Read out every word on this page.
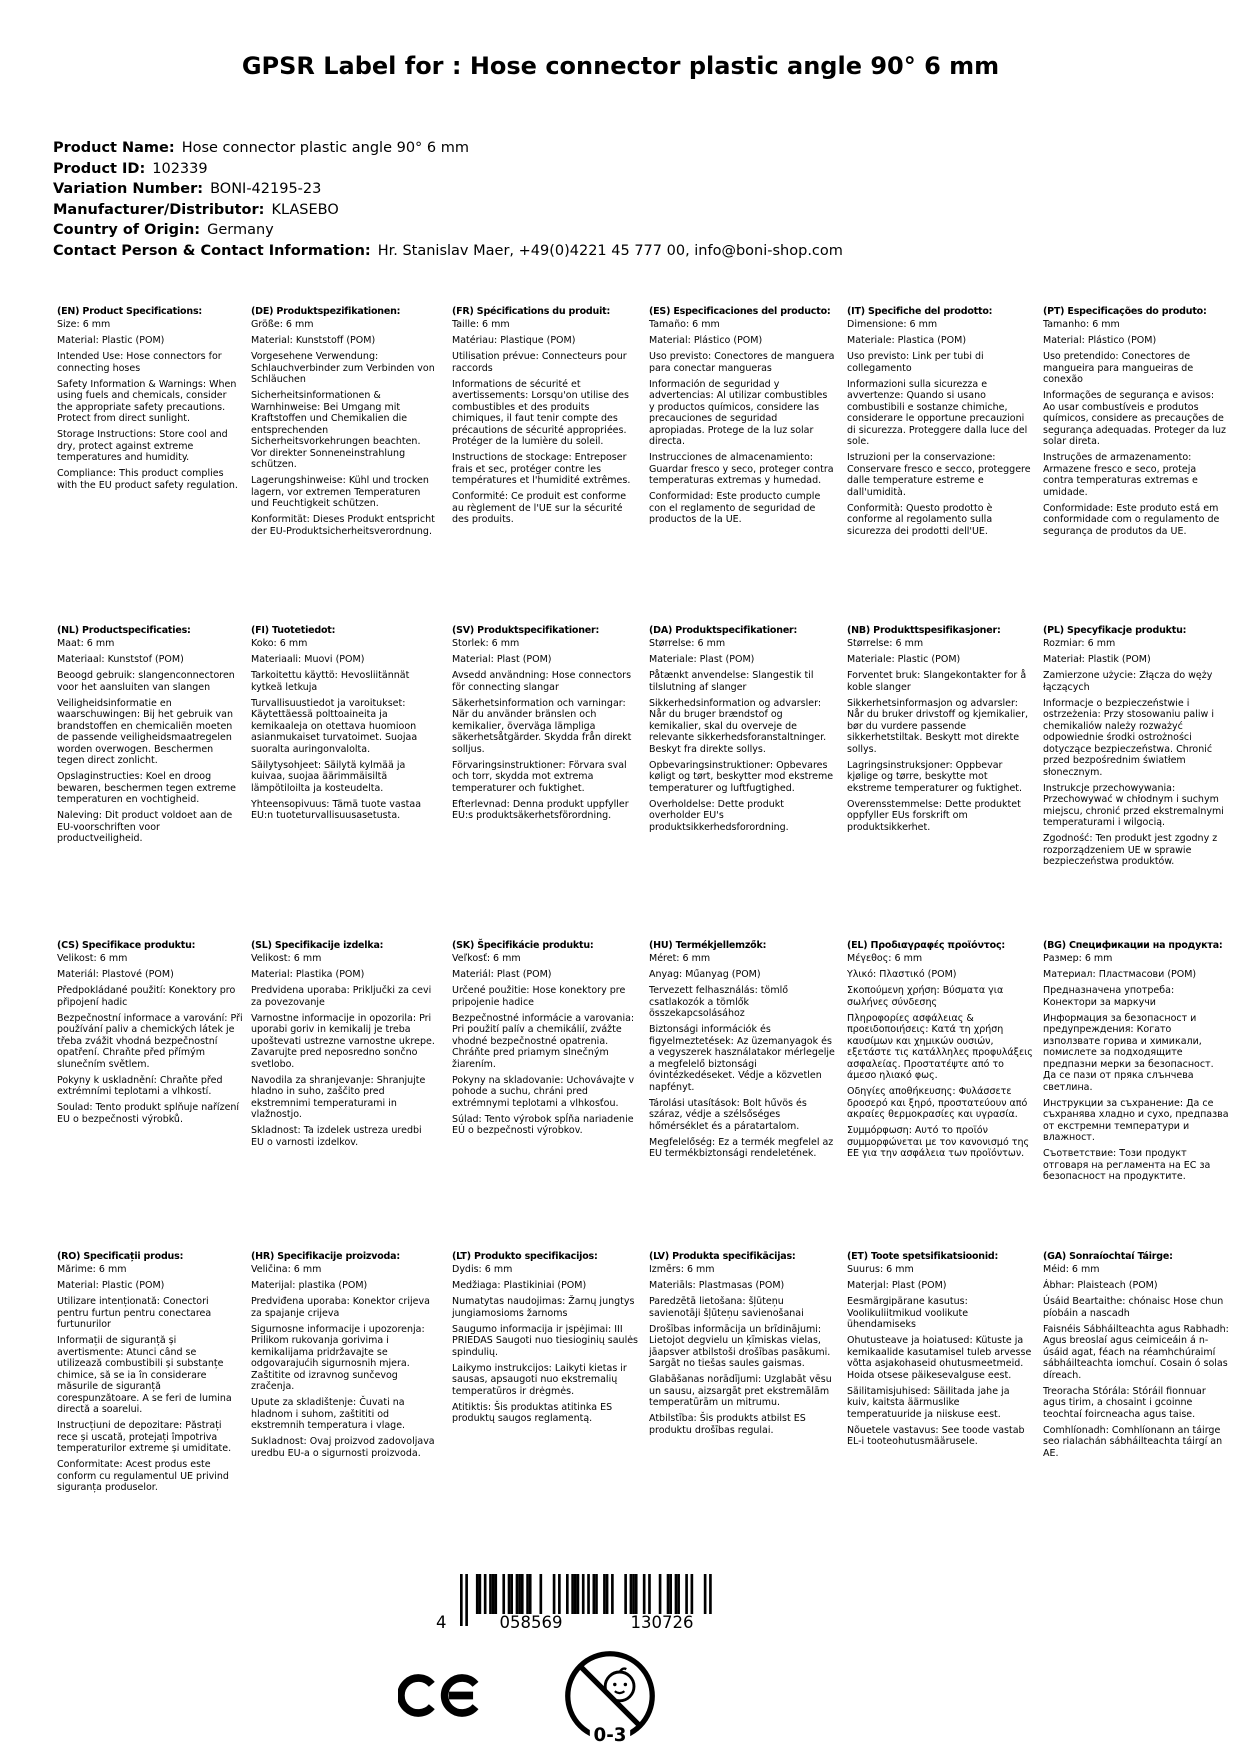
GPSR Label for : Hose connector plastic angle 90° 6 mm
Product Name: Hose connector plastic angle 90° 6 mm
Product ID: 102339
Variation Number: BONI-42195-23
Manufacturer/Distributor: KLASEBO
Country of Origin: Germany
Contact Person & Contact Information: Hr. Stanislav Maer, +49(0)4221 45 777 00, info@boni-shop.com
(EN) Product Specifications:

Size: 6 mm

Material: Plastic (POM)

Intended Use: Hose connectors for connecting hoses

Safety Information & Warnings: When using fuels and chemicals, consider the appropriate safety precautions. Protect from direct sunlight.

Storage Instructions: Store cool and dry, protect against extreme temperatures and humidity.

Compliance: This product complies with the EU product safety regulation.

(DE) Produktspezifikationen:

Größe: 6 mm

Material: Kunststoff (POM)

Vorgesehene Verwendung: Schlauchverbinder zum Verbinden von Schläuchen

Sicherheitsinformationen & Warnhinweise: Bei Umgang mit Kraftstoffen und Chemikalien die entsprechenden Sicherheitsvorkehrungen beachten. Vor direkter Sonneneinstrahlung schützen.

Lagerungshinweise: Kühl und trocken lagern, vor extremen Temperaturen und Feuchtigkeit schützen.

Konformität: Dieses Produkt entspricht der EU-Produktsicherheitsverordnung.

(FR) Spécifications du produit:

Taille: 6 mm

Matériau: Plastique (POM)

Utilisation prévue: Connecteurs pour raccords

Informations de sécurité et avertissements: Lorsqu'on utilise des combustibles et des produits chimiques, il faut tenir compte des précautions de sécurité appropriées. Protéger de la lumière du soleil.

Instructions de stockage: Entreposer frais et sec, protéger contre les températures et l'humidité extrêmes.

Conformité: Ce produit est conforme au règlement de l'UE sur la sécurité des produits.

(ES) Especificaciones del producto:

Tamaño: 6 mm

Material: Plástico (POM)

Uso previsto: Conectores de manguera para conectar mangueras

Información de seguridad y advertencias: Al utilizar combustibles y productos químicos, considere las precauciones de seguridad apropiadas. Protege de la luz solar directa.

Instrucciones de almacenamiento: Guardar fresco y seco, proteger contra temperaturas extremas y humedad.

Conformidad: Este producto cumple con el reglamento de seguridad de productos de la UE.

(IT) Specifiche del prodotto:

Dimensione: 6 mm

Materiale: Plastica (POM)

Uso previsto: Link per tubi di collegamento

Informazioni sulla sicurezza e avvertenze: Quando si usano combustibili e sostanze chimiche, considerare le opportune precauzioni di sicurezza. Proteggere dalla luce del sole.

Istruzioni per la conservazione: Conservare fresco e secco, proteggere dalle temperature estreme e dall'umidità.

Conformità: Questo prodotto è conforme al regolamento sulla sicurezza dei prodotti dell'UE.

(PT) Especificações do produto:

Tamanho: 6 mm

Material: Plástico (POM)

Uso pretendido: Conectores de mangueira para mangueiras de conexão

Informações de segurança e avisos: Ao usar combustíveis e produtos químicos, considere as precauções de segurança adequadas. Proteger da luz solar direta.

Instruções de armazenamento: Armazene fresco e seco, proteja contra temperaturas extremas e umidade.

Conformidade: Este produto está em conformidade com o regulamento de segurança de produtos da UE.

(NL) Productspecificaties:

Maat: 6 mm

Materiaal: Kunststof (POM)

Beoogd gebruik: slangenconnectoren voor het aansluiten van slangen

Veiligheidsinformatie en waarschuwingen: Bij het gebruik van brandstoffen en chemicaliën moeten de passende veiligheidsmaatregelen worden overwogen. Beschermen tegen direct zonlicht.

Opslaginstructies: Koel en droog bewaren, beschermen tegen extreme temperaturen en vochtigheid.

Naleving: Dit product voldoet aan de EU-voorschriften voor productveiligheid.

(FI) Tuotetiedot:

Koko: 6 mm

Materiaali: Muovi (POM)

Tarkoitettu käyttö: Hevosliitännät kytkeä letkuja

Turvallisuustiedot ja varoitukset: Käytettäessä polttoaineita ja kemikaaleja on otettava huomioon asianmukaiset turvatoimet. Suojaa suoralta auringonvalolta.

Säilytysohjeet: Säilytä kylmää ja kuivaa, suojaa äärimmäisiltä lämpötiloilta ja kosteudelta.

Yhteensopivuus: Tämä tuote vastaa EU:n tuoteturvallisuusasetusta.

(SV) Produktspecifikationer:

Storlek: 6 mm

Material: Plast (POM)

Avsedd användning: Hose connectors för connecting slangar

Säkerhetsinformation och varningar: När du använder bränslen och kemikalier, överväga lämpliga säkerhetsåtgärder. Skydda från direkt solljus.

Förvaringsinstruktioner: Förvara sval och torr, skydda mot extrema temperaturer och fuktighet.

Efterlevnad: Denna produkt uppfyller EU:s produktsäkerhetsförordning.

(DA) Produktspecifikationer:

Størrelse: 6 mm

Materiale: Plast (POM)

Påtænkt anvendelse: Slangestik til tilslutning af slanger

Sikkerhedsinformation og advarsler: Når du bruger brændstof og kemikalier, skal du overveje de relevante sikkerhedsforanstaltninger. Beskyt fra direkte sollys.

Opbevaringsinstruktioner: Opbevares køligt og tørt, beskytter mod ekstreme temperaturer og luftfugtighed.

Overholdelse: Dette produkt overholder EU's produktsikkerhedsforordning.

(NB) Produkttspesifikasjoner:

Størrelse: 6 mm

Materiale: Plastic (POM)

Forventet bruk: Slangekontakter for å koble slanger

Sikkerhetsinformasjon og advarsler: Når du bruker drivstoff og kjemikalier, bør du vurdere passende sikkerhetstiltak. Beskytt mot direkte sollys.

Lagringsinstruksjoner: Oppbevar kjølige og tørre, beskytte mot ekstreme temperaturer og fuktighet.

Overensstemmelse: Dette produktet oppfyller EUs forskrift om produktsikkerhet.

(PL) Specyfikacje produktu:

Rozmiar: 6 mm

Materiał: Plastik (POM)

Zamierzone użycie: Złącza do węży łączących

Informacje o bezpieczeństwie i ostrzeżenia: Przy stosowaniu paliw i chemikaliów należy rozważyć odpowiednie środki ostrożności dotyczące bezpieczeństwa. Chronić przed bezpośrednim światłem słonecznym.

Instrukcje przechowywania: Przechowywać w chłodnym i suchym miejscu, chronić przed ekstremalnymi temperaturami i wilgocią.

Zgodność: Ten produkt jest zgodny z rozporządzeniem UE w sprawie bezpieczeństwa produktów.

(CS) Specifikace produktu:

Velikost: 6 mm

Materiál: Plastové (POM)

Předpokládané použití: Konektory pro připojení hadic

Bezpečnostní informace a varování: Při používání paliv a chemických látek je třeba zvážit vhodná bezpečnostní opatření. Chraňte před přímým slunečním světlem.

Pokyny k uskladnění: Chraňte před extrémními teplotami a vlhkostí.

Soulad: Tento produkt splňuje nařízení EU o bezpečnosti výrobků.

(SL) Specifikacije izdelka:

Velikost: 6 mm

Material: Plastika (POM)

Predvidena uporaba: Priključki za cevi za povezovanje

Varnostne informacije in opozorila: Pri uporabi goriv in kemikalij je treba upoštevati ustrezne varnostne ukrepe. Zavarujte pred neposredno sončno svetlobo.

Navodila za shranjevanje: Shranjujte hladno in suho, zaščito pred ekstremnimi temperaturami in vlažnostjo.

Skladnost: Ta izdelek ustreza uredbi EU o varnosti izdelkov.

(SK) Špecifikácie produktu:

Veľkosť: 6 mm

Materiál: Plast (POM)

Určené použitie: Hose konektory pre pripojenie hadice

Bezpečnostné informácie a varovania: Pri použití palív a chemikálií, zvážte vhodné bezpečnostné opatrenia. Chráňte pred priamym slnečným žiarením.

Pokyny na skladovanie: Uchovávajte v pohode a suchu, chráni pred extrémnymi teplotami a vlhkosťou.

Súlad: Tento výrobok spĺňa nariadenie EÚ o bezpečnosti výrobkov.

(HU) Termékjellemzők:

Méret: 6 mm

Anyag: Műanyag (POM)

Tervezett felhasználás: tömlő csatlakozók a tömlők összekapcsolásához

Biztonsági információk és figyelmeztetések: Az üzemanyagok és a vegyszerek használatakor mérlegelje a megfelelő biztonsági óvintézkedéseket. Védje a közvetlen napfényt.

Tárolási utasítások: Bolt hűvös és száraz, védje a szélsőséges hőmérséklet és a páratartalom.

Megfelelőség: Ez a termék megfelel az EU termékbiztonsági rendeletének.

(EL) Προδιαγραφές προϊόντος:

Μέγεθος: 6 mm

Υλικό: Πλαστικό (POM)

Σκοπούμενη χρήση: Βύσματα για σωλήνες σύνδεσης

Πληροφορίες ασφάλειας & προειδοποιήσεις: Κατά τη χρήση καυσίμων και χημικών ουσιών, εξετάστε τις κατάλληλες προφυλάξεις ασφαλείας. Προστατέψτε από το άμεσο ηλιακό φως.

Οδηγίες αποθήκευσης: Φυλάσσετε δροσερό και ξηρό, προστατεύουν από ακραίες θερμοκρασίες και υγρασία.

Συμμόρφωση: Αυτό το προϊόν συμμορφώνεται με τον κανονισμό της ΕΕ για την ασφάλεια των προϊόντων.

(BG) Спецификации на продукта:

Размер: 6 mm

Материал: Пластмасови (POM)

Предназначена употреба: Конектори за маркучи

Информация за безопасност и предупреждения: Когато използвате горива и химикали, помислете за подходящите предпазни мерки за безопасност. Да се пази от пряка слънчева светлина.

Инструкции за съхранение: Да се съхранява хладно и сухо, предпазва от екстремни температури и влажност.

Съответствие: Този продукт отговаря на регламента на ЕС за безопасност на продуктите.

(RO) Specificații produs:

Mărime: 6 mm

Material: Plastic (POM)

Utilizare intenționată: Conectori pentru furtun pentru conectarea furtunurilor

Informații de siguranță și avertismente: Atunci când se utilizează combustibili și substanțe chimice, să se ia în considerare măsurile de siguranță corespunzătoare. A se feri de lumina directă a soarelui.

Instrucțiuni de depozitare: Păstrați rece și uscată, protejați împotriva temperaturilor extreme și umiditate.

Conformitate: Acest produs este conform cu regulamentul UE privind siguranța produselor.

(HR) Specifikacije proizvoda:

Veličina: 6 mm

Materijal: plastika (POM)

Predviđena uporaba: Konektor crijeva za spajanje crijeva

Sigurnosne informacije i upozorenja: Prilikom rukovanja gorivima i kemikalijama pridržavajte se odgovarajućih sigurnosnih mjera. Zaštitite od izravnog sunčevog zračenja.

Upute za skladištenje: Čuvati na hladnom i suhom, zaštititi od ekstremnih temperatura i vlage.

Sukladnost: Ovaj proizvod zadovoljava uredbu EU-a o sigurnosti proizvoda.

(LT) Produkto specifikacijos:

Dydis: 6 mm

Medžiaga: Plastikiniai (POM)

Numatytas naudojimas: Žarnų jungtys jungiamosioms žarnoms

Saugumo informacija ir įspėjimai: III PRIEDAS Saugoti nuo tiesioginių saulės spindulių.

Laikymo instrukcijos: Laikyti kietas ir sausas, apsaugoti nuo ekstremalių temperatūros ir drėgmės.

Atitiktis: Šis produktas atitinka ES produktų saugos reglamentą.

(LV) Produkta specifikācijas:

Izmērs: 6 mm

Materiāls: Plastmasas (POM)

Paredzētā lietošana: šļūteņu savienotāji šļūteņu savienošanai

Drošības informācija un brīdinājumi: Lietojot degvielu un ķīmiskas vielas, jāapsver atbilstoši drošības pasākumi. Sargāt no tiešas saules gaismas.

Glabāšanas norādījumi: Uzglabāt vēsu un sausu, aizsargāt pret ekstremālām temperatūrām un mitrumu.

Atbilstība: Šis produkts atbilst ES produktu drošības regulai.

(ET) Toote spetsifikatsioonid:

Suurus: 6 mm

Materjal: Plast (POM)

Eesmärgipärane kasutus: Voolikuliitmikud voolikute ühendamiseks

Ohutusteave ja hoiatused: Kütuste ja kemikaalide kasutamisel tuleb arvesse võtta asjakohaseid ohutusmeetmeid. Hoida otsese päikesevalguse eest.

Säilitamisjuhised: Säilitada jahe ja kuiv, kaitsta äärmuslike temperatuuride ja niiskuse eest.

Nõuetele vastavus: See toode vastab EL-i tooteohutusmäärusele.

(GA) Sonraíochtaí Táirge:

Méid: 6 mm

Ábhar: Plaisteach (POM)

Úsáid Beartaithe: chónaisc Hose chun píobáin a nascadh

Faisnéis Sábháilteachta agus Rabhadh: Agus breoslaí agus ceimiceáin á n-úsáid agat, féach na réamhchúraimí sábháilteachta iomchuí. Cosain ó solas díreach.

Treoracha Stórála: Stóráil fionnuar agus tirim, a chosaint i gcoinne teochtaí foircneacha agus taise.

Comhlíonadh: Comhlíonann an táirge seo rialachán sábháilteachta táirgí an AE.

4	058569	130726
0-3
